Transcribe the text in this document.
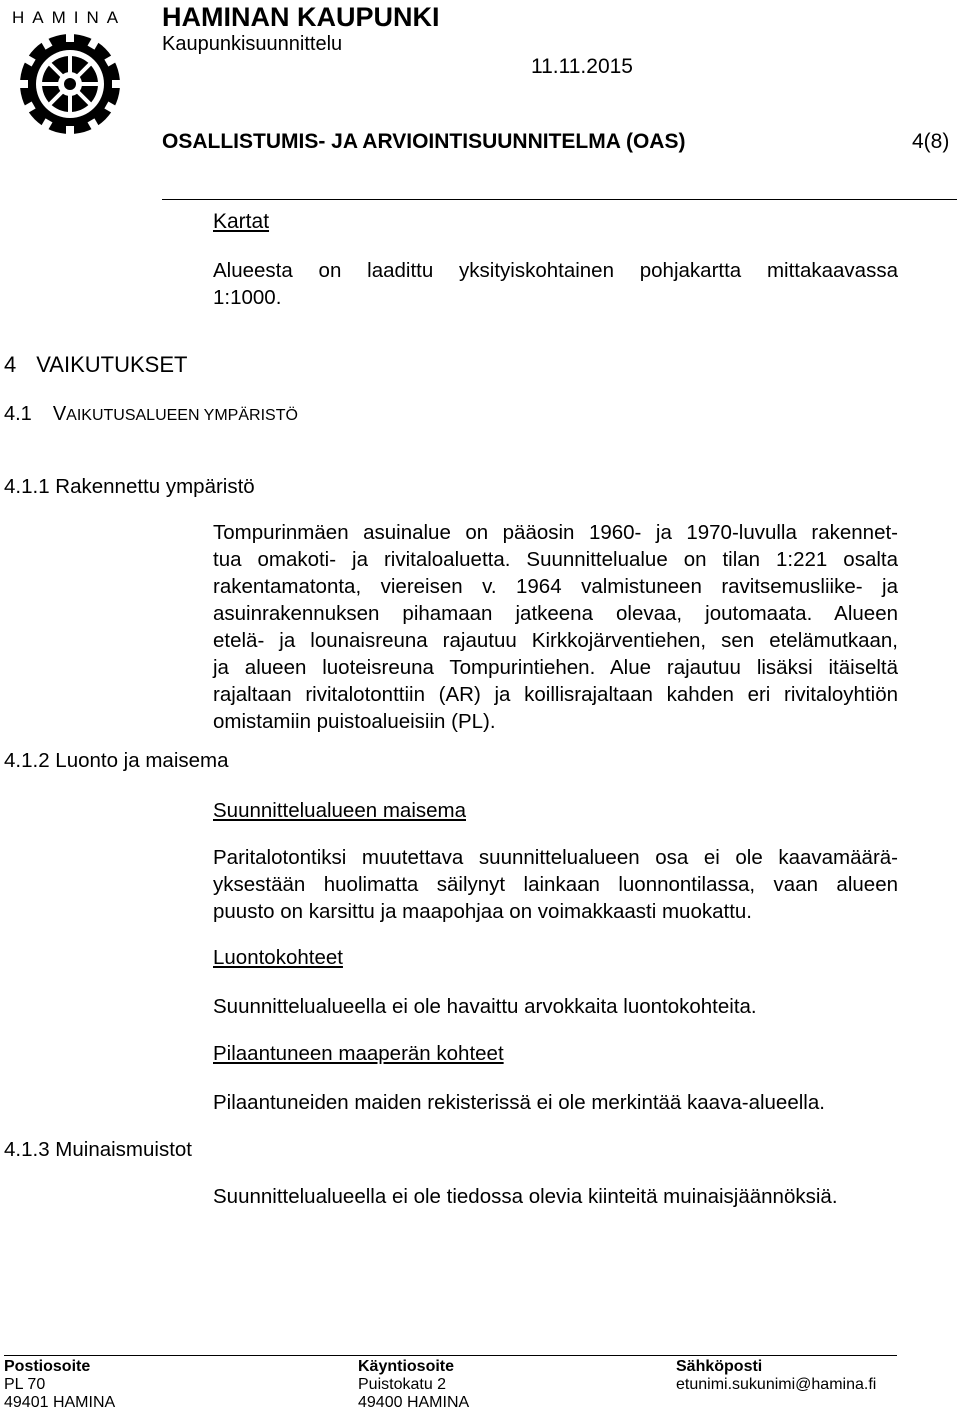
HAMINA HAMINAN KAUPUNKI
Kaupunkisuunnittelu
11.11.2015
OSALLISTUMIS- JA ARVIOINTISUUNNITELMA (OAS)	4(8)
Kartat
Alueesta on laadittu yksityiskohtainen pohjakartta mittakaavassa
1:1000.
4 VAIKUTUKSET
4.1 VAIKUTUSALUEEN YMPÄRISTÖ
4.1.1 Rakennettu ympäristö
Tompurinmäen asuinalue on pääosin 1960- ja 1970-luvulla rakennet-
tua omakoti- ja rivitaloaluetta. Suunnittelualue on tilan 1:221 osalta
rakentamatonta, viereisen v. 1964 valmistuneen ravitsemusliike- ja
asuinrakennuksen pihamaan jatkeena olevaa, joutomaata. Alueen
etelä- ja lounaisreuna rajautuu Kirkkojärventiehen, sen etelämutkaan,
ja alueen luoteisreuna Tompurintiehen. Alue rajautuu lisäksi itäiseltä
rajaltaan rivitalotonttiin (AR) ja koillisrajaltaan kahden eri rivitaloyhtiön
omistamiin puistoalueisiin (PL).
4.1.2 Luonto ja maisema
Suunnittelualueen maisema
Paritalotontiksi muutettava suunnittelualueen osa ei ole kaavamäärä-
yksestään huolimatta säilynyt lainkaan luonnontilassa, vaan alueen
puusto on karsittu ja maapohjaa on voimakkaasti muokattu.
Luontokohteet
Suunnittelualueella ei ole havaittu arvokkaita luontokohteita.
Pilaantuneen maaperän kohteet
Pilaantuneiden maiden rekisterissä ei ole merkintää kaava-alueella.
4.1.3 Muinaismuistot
Suunnittelualueella ei ole tiedossa olevia kiinteitä muinaisjäännöksiä.
Postiosoite
PL 70
49401 HAMINA
Käyntiosoite
Puistokatu 2
49400 HAMINA
Sähköposti
etunimi.sukunimi@hamina.fi
